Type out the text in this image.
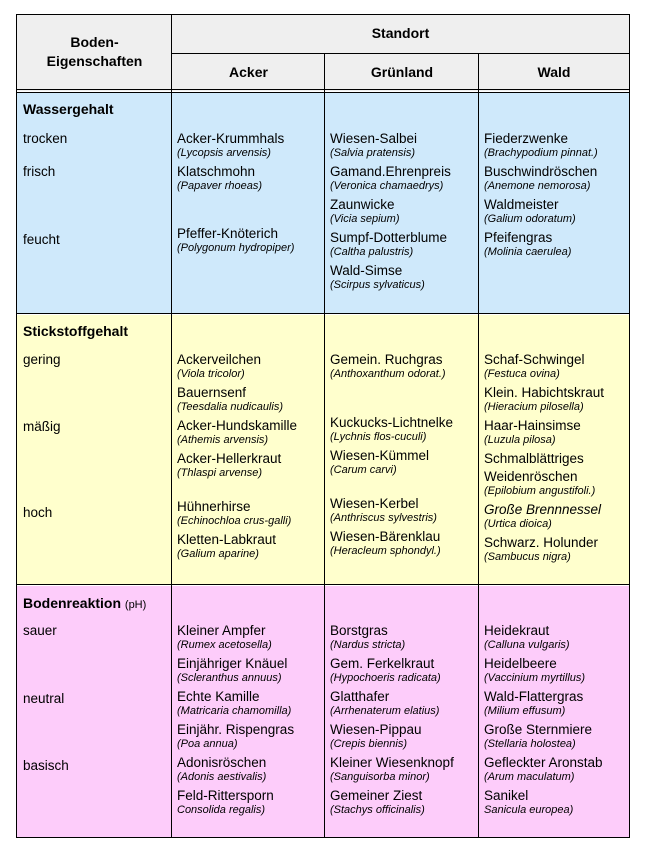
Boden-
Eigenschaften
Standort
Acker	Grünland	Wald
Wassergehalt
trocken
frisch
feucht
Acker-Krummhals
(Lycopsis arvensis)
Klatschmohn
(Papaver rhoeas)
Pfeffer-Knöterich
(Polygonum hydropiper)
Wiesen-Salbei
(Salvia pratensis)
Gamand.Ehrenpreis
(Veronica chamaedrys)
Zaunwicke
(Vicia sepium)
Sumpf-Dotterblume
(Caltha palustris)
Wald-Simse
(Scirpus sylvaticus)
Fiederzwenke
(Brachypodium pinnat.)
Buschwindröschen
(Anemone nemorosa)
Waldmeister
(Galium odoratum)
Pfeifengras
(Molinia caerulea)
Stickstoffgehalt
gering
mäßig
hoch
Ackerveilchen
(Viola tricolor)
Bauernsenf
(Teesdalia nudicaulis)
Acker-Hundskamille
(Athemis arvensis)
Acker-Hellerkraut
(Thlaspi arvense)
Hühnerhirse
(Echinochloa crus-galli)
Kletten-Labkraut
(Galium aparine)
Gemein. Ruchgras
(Anthoxanthum odorat.)
Kuckucks-Lichtnelke
(Lychnis flos-cuculi)
Wiesen-Kümmel
(Carum carvi)
Wiesen-Kerbel
(Anthriscus sylvestris)
Wiesen-Bärenklau
(Heracleum sphondyl.)
Schaf-Schwingel
(Festuca ovina)
Klein. Habichtskraut
(Hieracium pilosella)
Haar-Hainsimse
(Luzula pilosa)
Schmalblättriges
Weidenröschen
(Epilobium angustifoli.)
Große Brennnessel
(Urtica dioica)
Schwarz. Holunder
(Sambucus nigra)
Bodenreaktion (pH)
sauer
neutral
basisch
Kleiner Ampfer
(Rumex acetosella)
Einjähriger Knäuel
(Scleranthus annuus)
Echte Kamille
(Matricaria chamomilla)
Einjähr. Rispengras
(Poa annua)
Adonisröschen
(Adonis aestivalis)
Feld-Rittersporn
Consolida regalis)
Borstgras
(Nardus stricta)
Gem. Ferkelkraut
(Hypochoeris radicata)
Glatthafer
(Arrhenaterum elatius)
Wiesen-Pippau
(Crepis biennis)
Kleiner Wiesenknopf
(Sanguisorba minor)
Gemeiner Ziest
(Stachys officinalis)
Heidekraut
(Calluna vulgaris)
Heidelbeere
(Vaccinium myrtillus)
Wald-Flattergras
(Milium effusum)
Große Sternmiere
(Stellaria holostea)
Gefleckter Aronstab
(Arum maculatum)
Sanikel
Sanicula europea)
